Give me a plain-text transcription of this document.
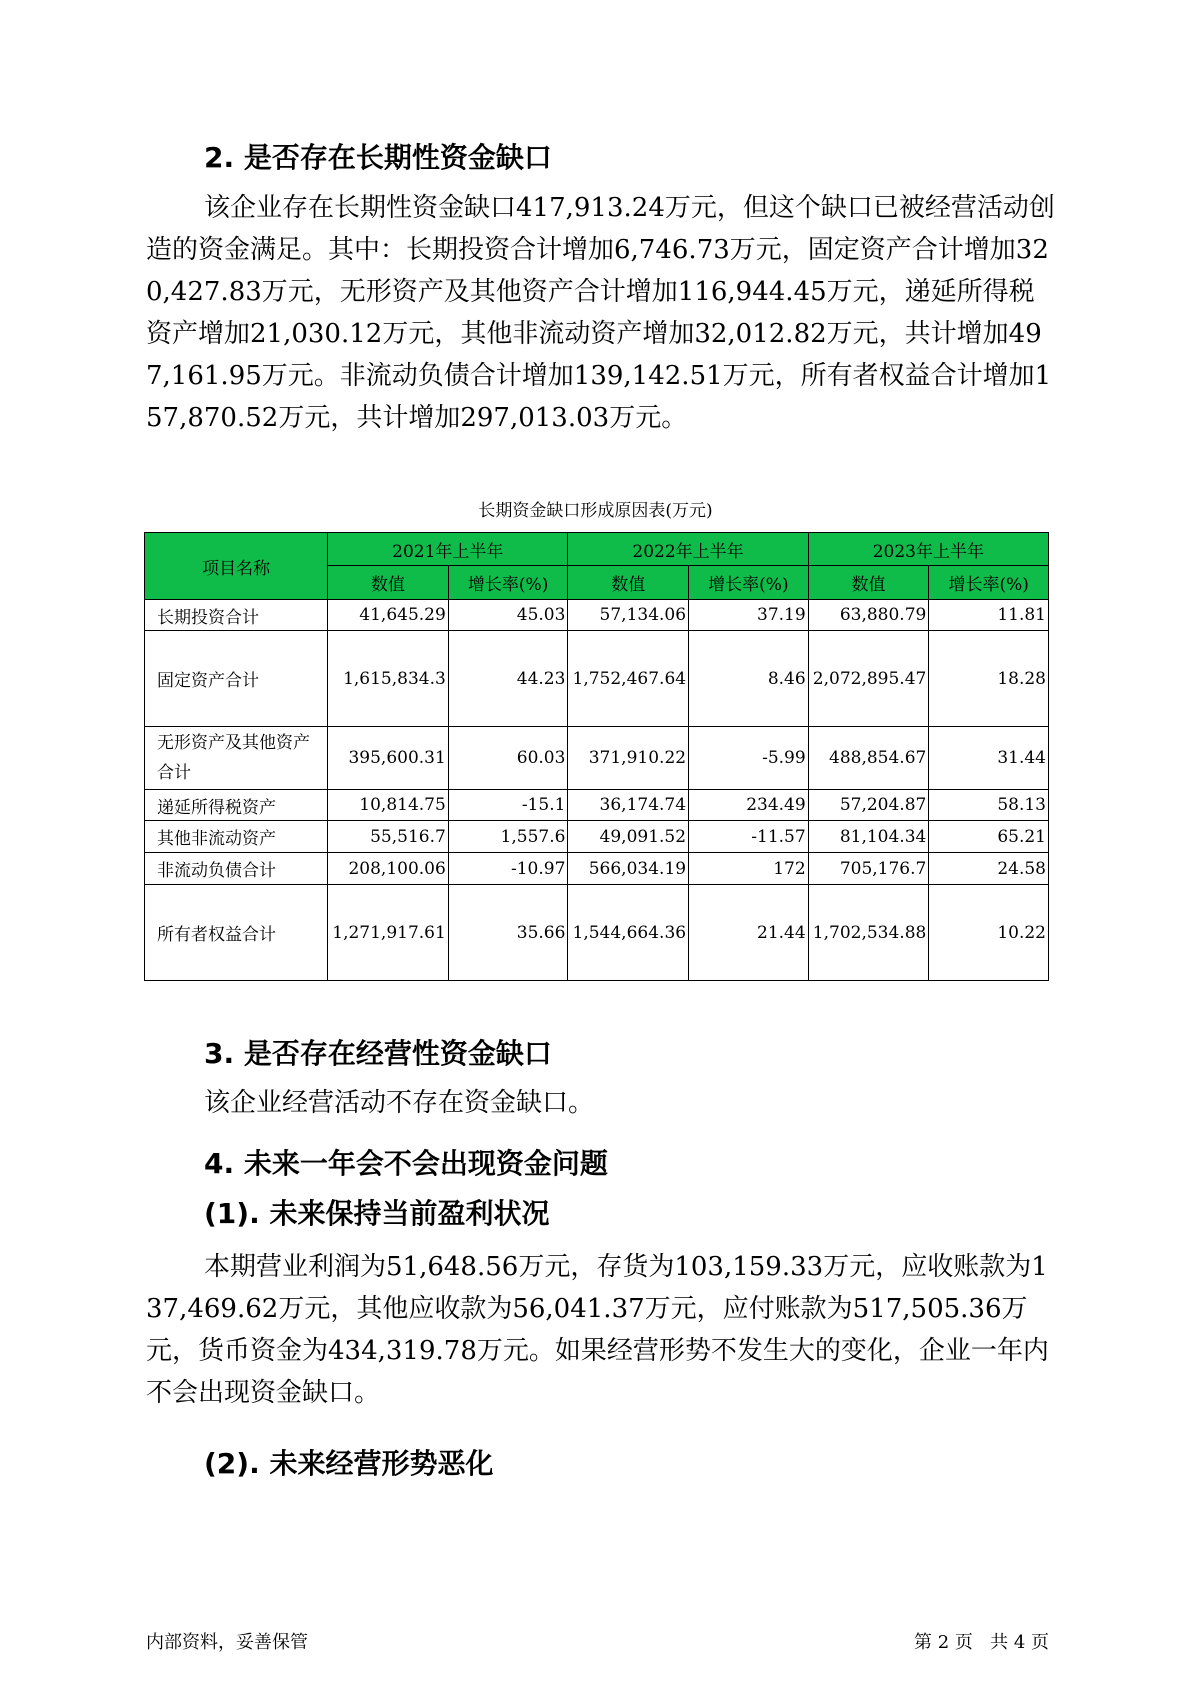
2. 是否存在长期性资金缺口

该企业存在长期性资金缺口417,913.24万元，但这个缺口已被经营活动创造的资金满足。其中：长期投资合计增加6,746.73万元，固定资产合计增加320,427.83万元，无形资产及其他资产合计增加116,944.45万元，递延所得税资产增加21,030.12万元，其他非流动资产增加32,012.82万元，共计增加497,161.95万元。非流动负债合计增加139,142.51万元，所有者权益合计增加157,870.52万元，共计增加297,013.03万元。

长期资金缺口形成原因表(万元)
项目名称	2021年上半年		2022年上半年		2023年上半年	
	数值	增长率(%)	数值	增长率(%)	数值	增长率(%)
长期投资合计	41,645.29	45.03	57,134.06	37.19	63,880.79	11.81
固定资产合计	1,615,834.3	44.23	1,752,467.64	8.46	2,072,895.47	18.28
无形资产及其他资产合计	395,600.31	60.03	371,910.22	-5.99	488,854.67	31.44
递延所得税资产	10,814.75	-15.1	36,174.74	234.49	57,204.87	58.13
其他非流动资产	55,516.7	1,557.6	49,091.52	-11.57	81,104.34	65.21
非流动负债合计	208,100.06	-10.97	566,034.19	172	705,176.7	24.58
所有者权益合计	1,271,917.61	35.66	1,544,664.36	21.44	1,702,534.88	10.22
3. 是否存在经营性资金缺口

该企业经营活动不存在资金缺口。

4. 未来一年会不会出现资金问题
(1). 未来保持当前盈利状况

本期营业利润为51,648.56万元，存货为103,159.33万元，应收账款为137,469.62万元，其他应收款为56,041.37万元，应付账款为517,505.36万元，货币资金为434,319.78万元。如果经营形势不发生大的变化，企业一年内不会出现资金缺口。

(2). 未来经营形势恶化
内部资料，妥善保管	第 2 页   共 4 页
